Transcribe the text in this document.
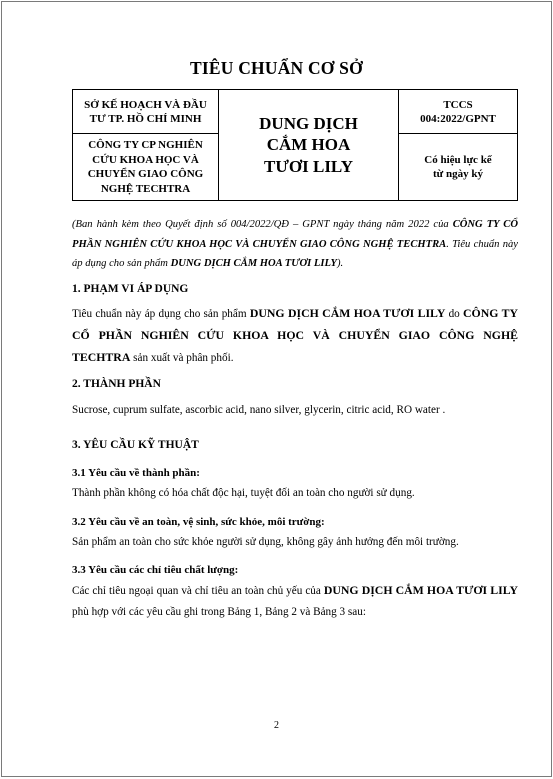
TIÊU CHUẨN CƠ SỞ
SỞ KẾ HOẠCH VÀ ĐẦU
TƯ TP. HỒ CHÍ MINH
CÔNG TY CP NGHIÊN
CỨU KHOA HỌC VÀ
CHUYỂN GIAO CÔNG
NGHỆ TECHTRA
DUNG DỊCH
CẮM HOA
TƯƠI LILY
TCCS
004:2022/GPNT
Có hiệu lực kể
từ ngày ký
(Ban hành kèm theo Quyết định số 004/2022/QĐ – GPNT ngày tháng năm 2022 của CÔNG TY CỔ PHẦN NGHIÊN CỨU KHOA HỌC VÀ CHUYỂN GIAO CÔNG NGHỆ TECHTRA. Tiêu chuẩn này áp dụng cho sản phẩm DUNG DỊCH CẮM HOA TƯƠI LILY).
1. PHẠM VI ÁP DỤNG
Tiêu chuẩn này áp dụng cho sản phẩm DUNG DỊCH CẮM HOA TƯƠI LILY do CÔNG TY CỔ PHẦN NGHIÊN CỨU KHOA HỌC VÀ CHUYỂN GIAO CÔNG NGHỆ TECHTRA sản xuất và phân phối.
2. THÀNH PHẦN
Sucrose, cuprum sulfate, ascorbic acid, nano silver, glycerin, citric acid, RO water .
3. YÊU CẦU KỸ THUẬT
3.1 Yêu cầu về thành phần:
Thành phần không có hóa chất độc hại, tuyệt đối an toàn cho người sử dụng.
3.2 Yêu cầu về an toàn, vệ sinh, sức khỏe, môi trường:
Sản phẩm an toàn cho sức khỏe người sử dụng, không gây ảnh hưởng đến môi trường.
3.3 Yêu cầu các chỉ tiêu chất lượng:
Các chỉ tiêu ngoại quan và chỉ tiêu an toàn chủ yếu của DUNG DỊCH CẮM HOA TƯƠI LILY phù hợp với các yêu cầu ghi trong Bảng 1, Bảng 2 và Bảng 3 sau:
2
